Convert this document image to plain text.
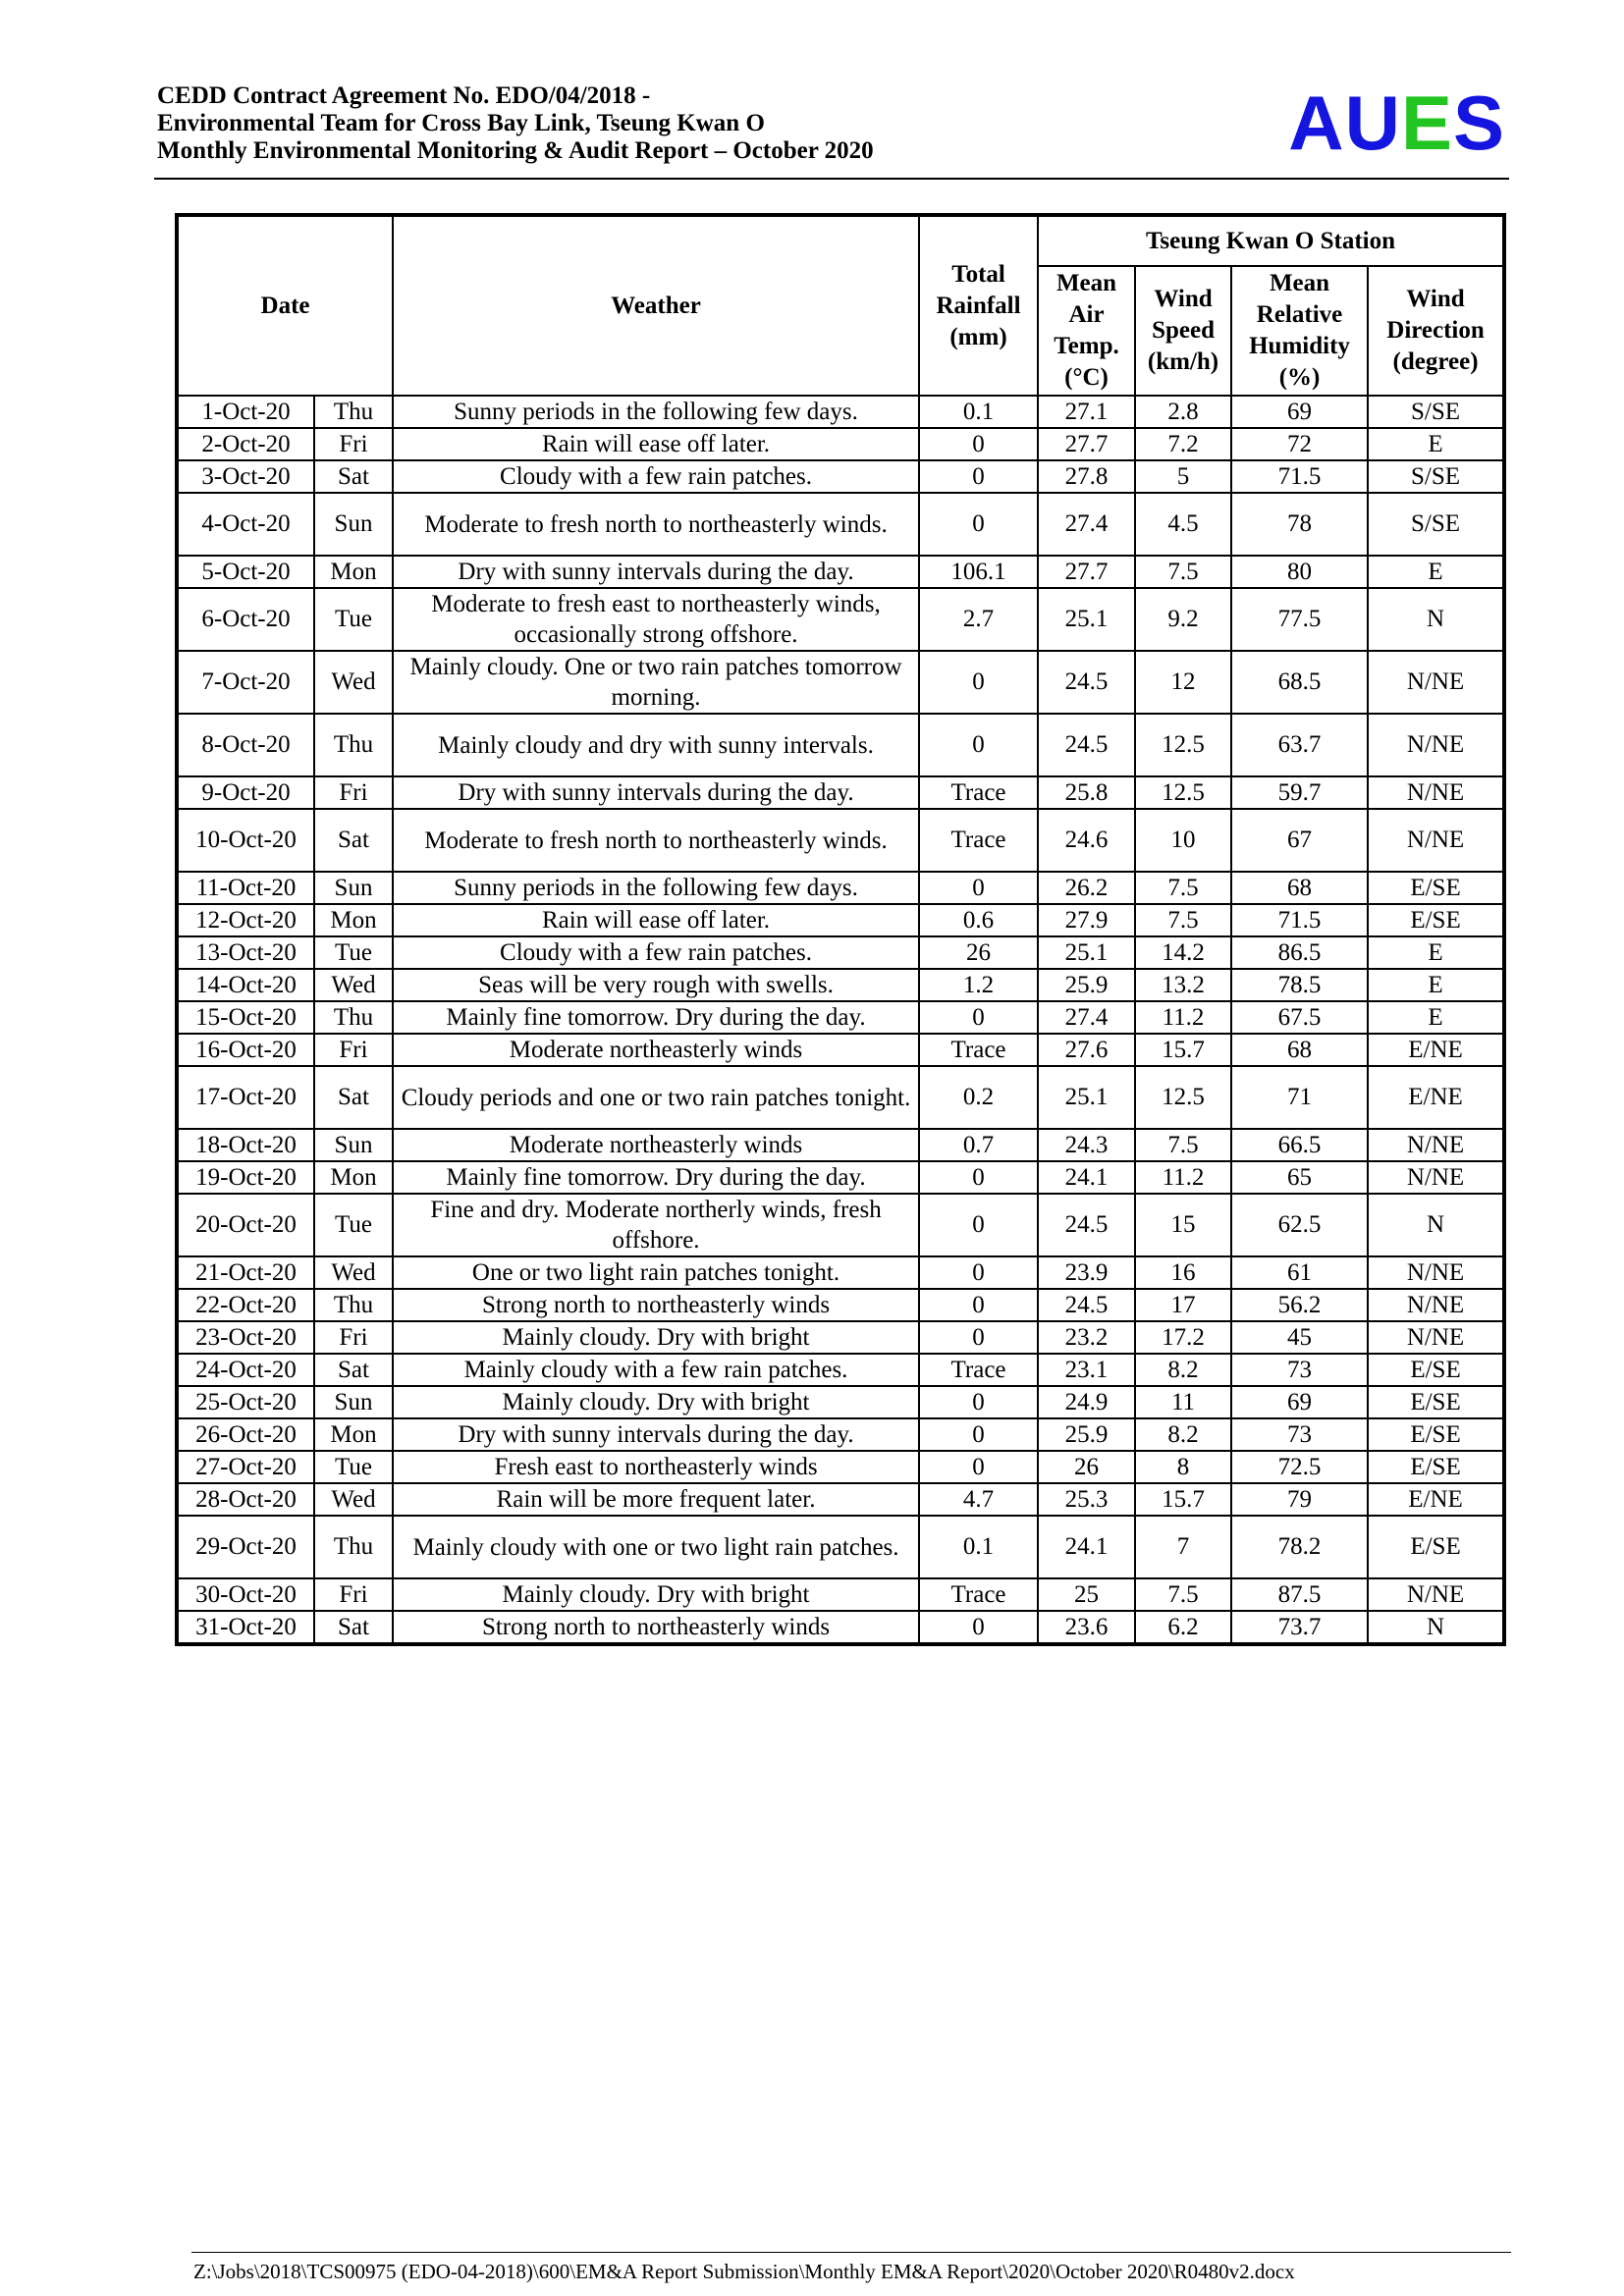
CEDD Contract Agreement No. EDO/04/2018 -
Environmental Team for Cross Bay Link, Tseung Kwan O
Monthly Environmental Monitoring & Audit Report – October 2020	AUES
Date		Weather	Total Rainfall (mm)	Tseung Kwan O Station			
				Mean Air Temp. (°C)	Wind Speed (km/h)	Mean Relative Humidity (%)	Wind Direction (degree)
1-Oct-20	Thu	Sunny periods in the following few days.	0.1	27.1	2.8	69	S/SE
2-Oct-20	Fri	Rain will ease off later.	0	27.7	7.2	72	E
3-Oct-20	Sat	Cloudy with a few rain patches.	0	27.8	5	71.5	S/SE
4-Oct-20	Sun	Moderate to fresh north to northeasterly winds.	0	27.4	4.5	78	S/SE
5-Oct-20	Mon	Dry with sunny intervals during the day.	106.1	27.7	7.5	80	E
6-Oct-20	Tue	Moderate to fresh east to northeasterly winds, occasionally strong offshore.	2.7	25.1	9.2	77.5	N
7-Oct-20	Wed	Mainly cloudy. One or two rain patches tomorrow morning.	0	24.5	12	68.5	N/NE
8-Oct-20	Thu	Mainly cloudy and dry with sunny intervals.	0	24.5	12.5	63.7	N/NE
9-Oct-20	Fri	Dry with sunny intervals during the day.	Trace	25.8	12.5	59.7	N/NE
10-Oct-20	Sat	Moderate to fresh north to northeasterly winds.	Trace	24.6	10	67	N/NE
11-Oct-20	Sun	Sunny periods in the following few days.	0	26.2	7.5	68	E/SE
12-Oct-20	Mon	Rain will ease off later.	0.6	27.9	7.5	71.5	E/SE
13-Oct-20	Tue	Cloudy with a few rain patches.	26	25.1	14.2	86.5	E
14-Oct-20	Wed	Seas will be very rough with swells.	1.2	25.9	13.2	78.5	E
15-Oct-20	Thu	Mainly fine tomorrow. Dry during the day.	0	27.4	11.2	67.5	E
16-Oct-20	Fri	Moderate northeasterly winds	Trace	27.6	15.7	68	E/NE
17-Oct-20	Sat	Cloudy periods and one or two rain patches tonight.	0.2	25.1	12.5	71	E/NE
18-Oct-20	Sun	Moderate northeasterly winds	0.7	24.3	7.5	66.5	N/NE
19-Oct-20	Mon	Mainly fine tomorrow. Dry during the day.	0	24.1	11.2	65	N/NE
20-Oct-20	Tue	Fine and dry. Moderate northerly winds, fresh offshore.	0	24.5	15	62.5	N
21-Oct-20	Wed	One or two light rain patches tonight.	0	23.9	16	61	N/NE
22-Oct-20	Thu	Strong north to northeasterly winds	0	24.5	17	56.2	N/NE
23-Oct-20	Fri	Mainly cloudy. Dry with bright	0	23.2	17.2	45	N/NE
24-Oct-20	Sat	Mainly cloudy with a few rain patches.	Trace	23.1	8.2	73	E/SE
25-Oct-20	Sun	Mainly cloudy. Dry with bright	0	24.9	11	69	E/SE
26-Oct-20	Mon	Dry with sunny intervals during the day.	0	25.9	8.2	73	E/SE
27-Oct-20	Tue	Fresh east to northeasterly winds	0	26	8	72.5	E/SE
28-Oct-20	Wed	Rain will be more frequent later.	4.7	25.3	15.7	79	E/NE
29-Oct-20	Thu	Mainly cloudy with one or two light rain patches.	0.1	24.1	7	78.2	E/SE
30-Oct-20	Fri	Mainly cloudy. Dry with bright	Trace	25	7.5	87.5	N/NE
31-Oct-20	Sat	Strong north to northeasterly winds	0	23.6	6.2	73.7	N
Z:\Jobs\2018\TCS00975 (EDO-04-2018)\600\EM&A Report Submission\Monthly EM&A Report\2020\October 2020\R0480v2.docx
